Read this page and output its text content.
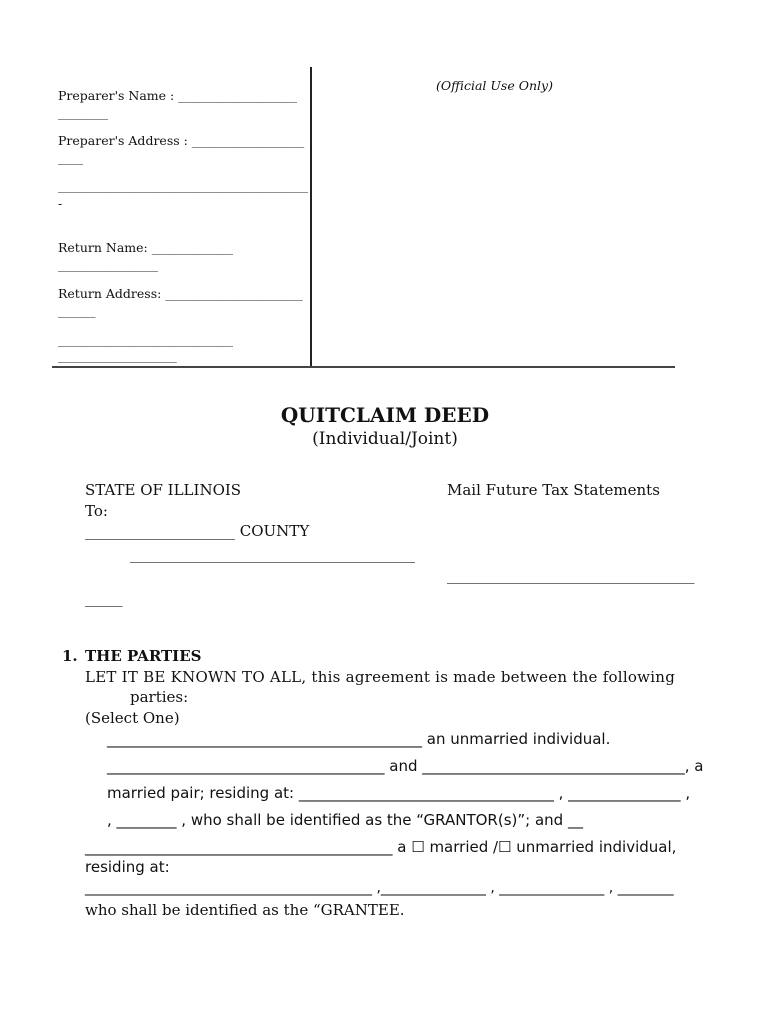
Preparer's Name : ___________________
________
Preparer's Address : __________________
____
________________________________________
-
Return Name: _____________
________________
Return Address: ______________________
______
____________________________
___________________
(Official Use Only)
QUITCLAIM DEED
(Individual/Joint)
STATE OF ILLINOIS
To:
____________________ COUNTY
______________________________________
Mail Future Tax Statements
_________________________________
_____
1. THE PARTIES
LET IT BE KNOWN TO ALL, this agreement is made between the following
parties:
(Select One)
__________________________________________ an unmarried individual.
_____________________________________ and ___________________________________, a
married pair; residing at: __________________________________ , _______________ ,
, ________ , who shall be identified as the “GRANTOR(s)”; and __
_________________________________________ a ☐ married /☐ unmarried individual,
residing at:
_________________________________________ ,_______________ , _______________ , ________
who shall be identified as the “GRANTEE.
